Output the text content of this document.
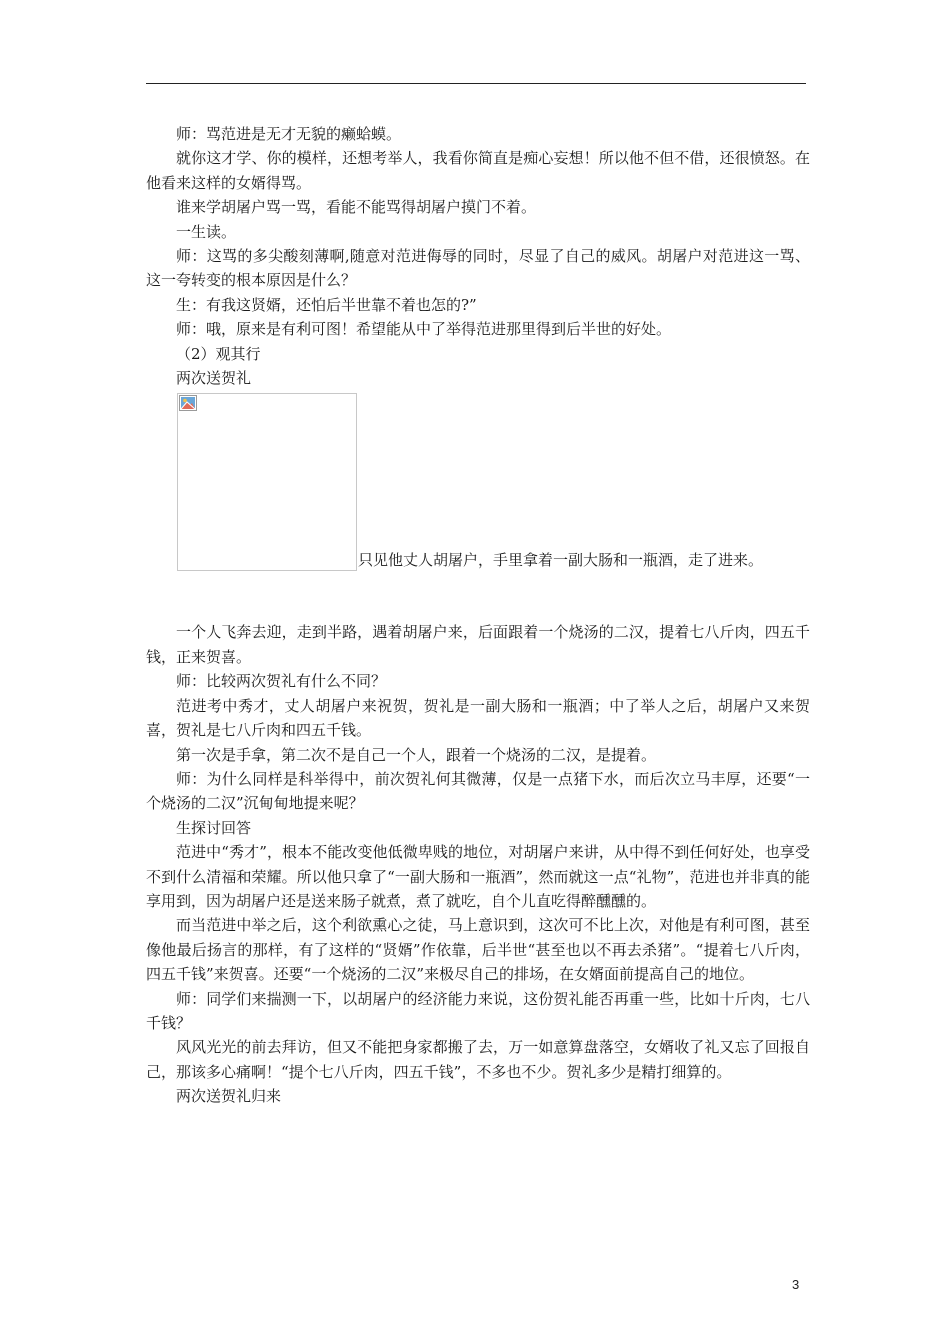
师：骂范进是无才无貌的癞蛤蟆。

就你这才学、你的模样，还想考举人，我看你简直是痴心妄想！所以他不但不借，还很愤怒。在他看来这样的女婿得骂。

谁来学胡屠户骂一骂，看能不能骂得胡屠户摸门不着。

一生读。

师：这骂的多尖酸刻薄啊,随意对范进侮辱的同时，尽显了自己的威风。胡屠户对范进这一骂、这一夸转变的根本原因是什么？

生：有我这贤婿，还怕后半世靠不着也怎的?”

师：哦，原来是有利可图！希望能从中了举得范进那里得到后半世的好处。

（2）观其行

两次送贺礼

只见他丈人胡屠户，手里拿着一副大肠和一瓶酒，走了进来。

一个人飞奔去迎，走到半路，遇着胡屠户来，后面跟着一个烧汤的二汉，提着七八斤肉，四五千钱，正来贺喜。

师：比较两次贺礼有什么不同？

范进考中秀才，丈人胡屠户来祝贺，贺礼是一副大肠和一瓶酒；中了举人之后，胡屠户又来贺喜，贺礼是七八斤肉和四五千钱。

第一次是手拿，第二次不是自己一个人，跟着一个烧汤的二汉，是提着。

师：为什么同样是科举得中，前次贺礼何其微薄，仅是一点猪下水，而后次立马丰厚，还要“一个烧汤的二汉”沉甸甸地提来呢？

生探讨回答

范进中“秀才”，根本不能改变他低微卑贱的地位，对胡屠户来讲，从中得不到任何好处，也享受不到什么清福和荣耀。所以他只拿了“一副大肠和一瓶酒”，然而就这一点“礼物”，范进也并非真的能享用到，因为胡屠户还是送来肠子就煮，煮了就吃，自个儿直吃得醉醺醺的。

而当范进中举之后，这个利欲熏心之徒，马上意识到，这次可不比上次，对他是有利可图，甚至像他最后扬言的那样，有了这样的“贤婿”作依靠，后半世“甚至也以不再去杀猪”。“提着七八斤肉，四五千钱”来贺喜。还要“一个烧汤的二汉”来极尽自己的排场，在女婿面前提高自己的地位。

师：同学们来揣测一下，以胡屠户的经济能力来说，这份贺礼能否再重一些，比如十斤肉，七八千钱？

风风光光的前去拜访，但又不能把身家都搬了去，万一如意算盘落空，女婿收了礼又忘了回报自己，那该多心痛啊！“提个七八斤肉，四五千钱”，不多也不少。贺礼多少是精打细算的。

两次送贺礼归来

3
